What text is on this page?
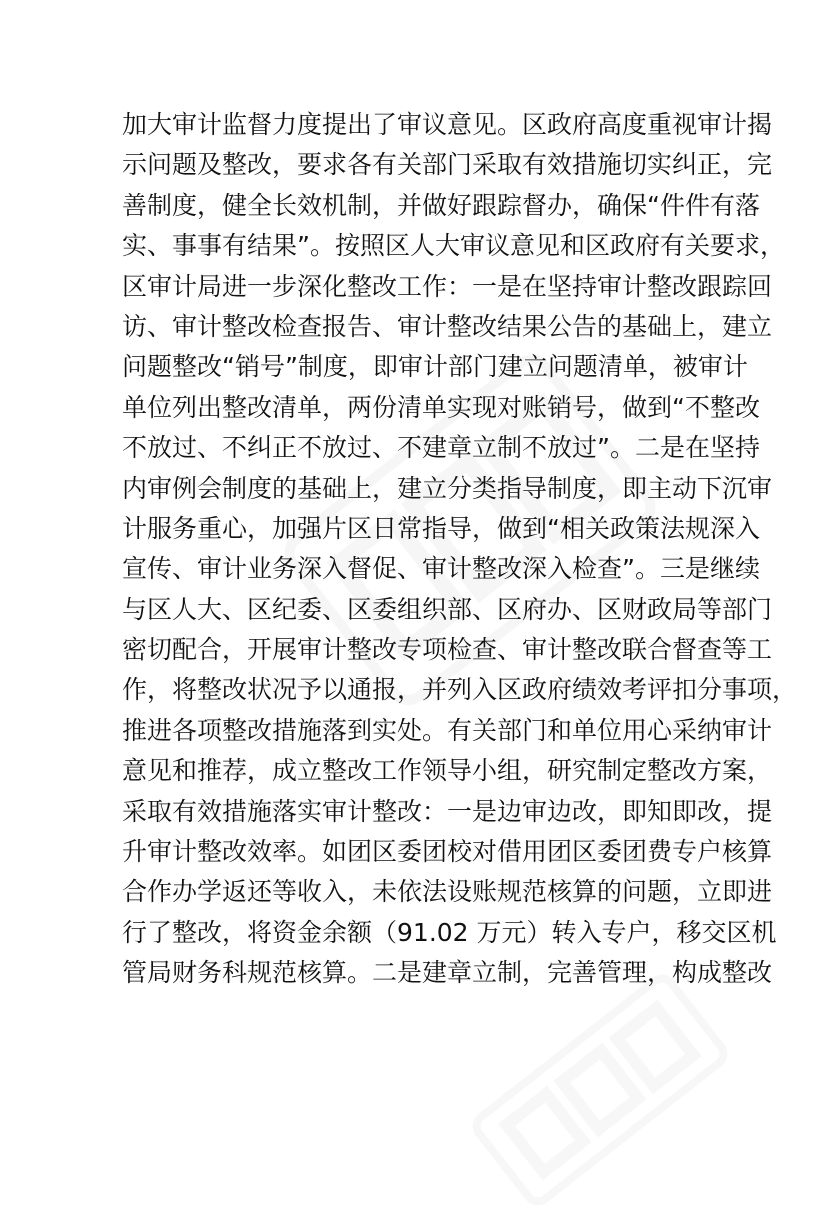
加大审计监督力度提出了审议意见。区政府高度重视审计揭
示问题及整改，要求各有关部门采取有效措施切实纠正，完
善制度，健全长效机制，并做好跟踪督办，确保“件件有落
实、事事有结果”。按照区人大审议意见和区政府有关要求，
区审计局进一步深化整改工作：一是在坚持审计整改跟踪回
访、审计整改检查报告、审计整改结果公告的基础上，建立
问题整改“销号”制度，即审计部门建立问题清单，被审计
单位列出整改清单，两份清单实现对账销号，做到“不整改
不放过、不纠正不放过、不建章立制不放过”。二是在坚持
内审例会制度的基础上，建立分类指导制度，即主动下沉审
计服务重心，加强片区日常指导，做到“相关政策法规深入
宣传、审计业务深入督促、审计整改深入检查”。三是继续
与区人大、区纪委、区委组织部、区府办、区财政局等部门
密切配合，开展审计整改专项检查、审计整改联合督查等工
作，将整改状况予以通报，并列入区政府绩效考评扣分事项，
推进各项整改措施落到实处。有关部门和单位用心采纳审计
意见和推荐，成立整改工作领导小组，研究制定整改方案，
采取有效措施落实审计整改：一是边审边改，即知即改，提
升审计整改效率。如团区委团校对借用团区委团费专户核算
合作办学返还等收入，未依法设账规范核算的问题，立即进
行了整改，将资金余额（91.02 万元）转入专户，移交区机
管局财务科规范核算。二是建章立制，完善管理，构成整改
